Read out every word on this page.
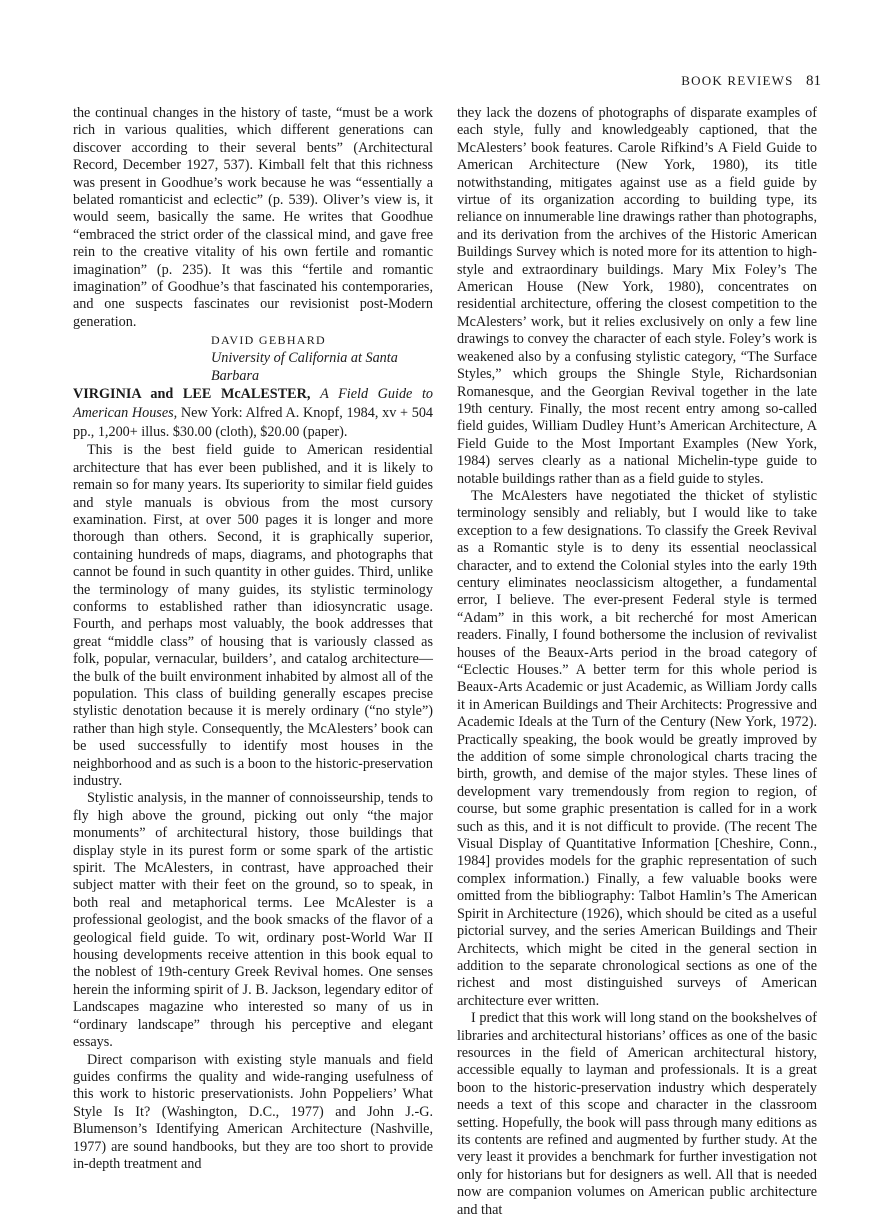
BOOK REVIEWS 81

the continual changes in the history of taste, “must be a work rich in various qualities, which different generations can discover according to their several bents” (Architectural Record, December 1927, 537). Kimball felt that this richness was present in Goodhue’s work because he was “essentially a belated romanticist and eclectic” (p. 539). Oliver’s view is, it would seem, basically the same. He writes that Goodhue “embraced the strict order of the classical mind, and gave free rein to the creative vitality of his own fertile and romantic imagination” (p. 235). It was this “fertile and romantic imagination” of Goodhue’s that fascinated his contemporaries, and one suspects fascinates our revisionist post-Modern generation.

DAVID GEBHARD
University of California at Santa Barbara

VIRGINIA and LEE McALESTER, A Field Guide to American Houses, New York: Alfred A. Knopf, 1984, xv + 504 pp., 1,200+ illus. $30.00 (cloth), $20.00 (paper).

This is the best field guide to American residential architecture that has ever been published, and it is likely to remain so for many years. Its superiority to similar field guides and style manuals is obvious from the most cursory examination. First, at over 500 pages it is longer and more thorough than others. Second, it is graphically superior, containing hundreds of maps, diagrams, and photographs that cannot be found in such quantity in other guides. Third, unlike the terminology of many guides, its stylistic terminology conforms to established rather than idiosyncratic usage. Fourth, and perhaps most valuably, the book addresses that great “middle class” of housing that is variously classed as folk, popular, vernacular, builders’, and catalog architecture—the bulk of the built environment inhabited by almost all of the population. This class of building generally escapes precise stylistic denotation because it is merely ordinary (“no style”) rather than high style. Consequently, the McAlesters’ book can be used successfully to identify most houses in the neighborhood and as such is a boon to the historic-preservation industry.

Stylistic analysis, in the manner of connoisseurship, tends to fly high above the ground, picking out only “the major monuments” of architectural history, those buildings that display style in its purest form or some spark of the artistic spirit. The McAlesters, in contrast, have approached their subject matter with their feet on the ground, so to speak, in both real and metaphorical terms. Lee McAlester is a professional geologist, and the book smacks of the flavor of a geological field guide. To wit, ordinary post-World War II housing developments receive attention in this book equal to the noblest of 19th-century Greek Revival homes. One senses herein the informing spirit of J. B. Jackson, legendary editor of Landscapes magazine who interested so many of us in “ordinary landscape” through his perceptive and elegant essays.

Direct comparison with existing style manuals and field guides confirms the quality and wide-ranging usefulness of this work to historic preservationists. John Poppeliers’ What Style Is It? (Washington, D.C., 1977) and John J.-G. Blumenson’s Identifying American Architecture (Nashville, 1977) are sound handbooks, but they are too short to provide in-depth treatment and

they lack the dozens of photographs of disparate examples of each style, fully and knowledgeably captioned, that the McAlesters’ book features. Carole Rifkind’s A Field Guide to American Architecture (New York, 1980), its title notwithstanding, mitigates against use as a field guide by virtue of its organization according to building type, its reliance on innumerable line drawings rather than photographs, and its derivation from the archives of the Historic American Buildings Survey which is noted more for its attention to high-style and extraordinary buildings. Mary Mix Foley’s The American House (New York, 1980), concentrates on residential architecture, offering the closest competition to the McAlesters’ work, but it relies exclusively on only a few line drawings to convey the character of each style. Foley’s work is weakened also by a confusing stylistic category, “The Surface Styles,” which groups the Shingle Style, Richardsonian Romanesque, and the Georgian Revival together in the late 19th century. Finally, the most recent entry among so-called field guides, William Dudley Hunt’s American Architecture, A Field Guide to the Most Important Examples (New York, 1984) serves clearly as a national Michelin-type guide to notable buildings rather than as a field guide to styles.

The McAlesters have negotiated the thicket of stylistic terminology sensibly and reliably, but I would like to take exception to a few designations. To classify the Greek Revival as a Romantic style is to deny its essential neoclassical character, and to extend the Colonial styles into the early 19th century eliminates neoclassicism altogether, a fundamental error, I believe. The ever-present Federal style is termed “Adam” in this work, a bit recherché for most American readers. Finally, I found bothersome the inclusion of revivalist houses of the Beaux-Arts period in the broad category of “Eclectic Houses.” A better term for this whole period is Beaux-Arts Academic or just Academic, as William Jordy calls it in American Buildings and Their Architects: Progressive and Academic Ideals at the Turn of the Century (New York, 1972). Practically speaking, the book would be greatly improved by the addition of some simple chronological charts tracing the birth, growth, and demise of the major styles. These lines of development vary tremendously from region to region, of course, but some graphic presentation is called for in a work such as this, and it is not difficult to provide. (The recent The Visual Display of Quantitative Information [Cheshire, Conn., 1984] provides models for the graphic representation of such complex information.) Finally, a few valuable books were omitted from the bibliography: Talbot Hamlin’s The American Spirit in Architecture (1926), which should be cited as a useful pictorial survey, and the series American Buildings and Their Architects, which might be cited in the general section in addition to the separate chronological sections as one of the richest and most distinguished surveys of American architecture ever written.

I predict that this work will long stand on the bookshelves of libraries and architectural historians’ offices as one of the basic resources in the field of American architectural history, accessible equally to layman and professionals. It is a great boon to the historic-preservation industry which desperately needs a text of this scope and character in the classroom setting. Hopefully, the book will pass through many editions as its contents are refined and augmented by further study. At the very least it provides a benchmark for further investigation not only for historians but for designers as well. All that is needed now are companion volumes on American public architecture and that
